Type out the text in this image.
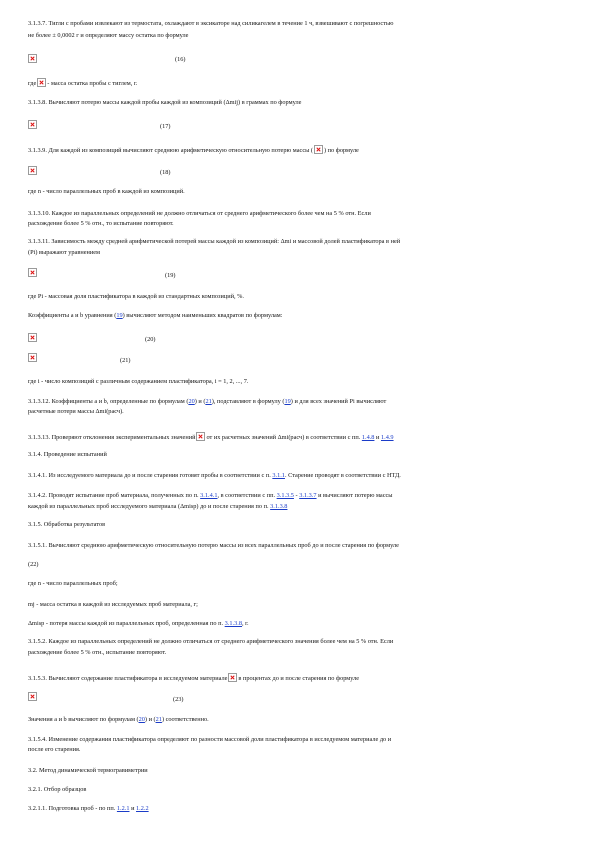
3.1.3.7. Тигли с пробами извлекают из термостата, охлаждают в эксикаторе над силикагелем в течение 1 ч, взвешивают с погрешностью
не более ± 0,0002 г и определяют массу остатка по формуле
(16)
где - масса остатка пробы с тиглем, г.
3.1.3.8. Вычисляют потерю массы каждой пробы каждой из композиций (Δmij) в граммах по формуле
(17)
3.1.3.9. Для каждой из композиций вычисляют среднюю арифметическую относительную потерю массы ( ) по формуле
(18)
где n - число параллельных проб в каждой из композиций.
3.1.3.10. Каждое из параллельных определений не должно отличаться от среднего арифметического более чем на 5 % отн. Если
расхождение более 5 % отн., то испытание повторяют.
3.1.3.11. Зависимость между средней арифметической потерей массы каждой из композиций: Δmi и массовой долей пластификатора в ней
(Pi) выражают уравнением
(19)
где Pi - массовая доля пластификатора в каждой из стандартных композиций, %.
Коэффициенты a и b уравнения (19) вычисляют методом наименьших квадратов по формулам:
(20)
(21)
где i - число композиций с различным содержанием пластификатора, i = 1, 2, ..., 7.
3.1.3.12. Коэффициенты a и b, определенные по формулам (20) и (21), подставляют в формулу (19) и для всех значений Pi вычисляют
расчетные потери массы Δmi(расч).
3.1.3.13. Проверяют отклонения экспериментальных значений от их расчетных значений Δmi(расч) в соответствии с пп. 1.4.8 и 1.4.9
3.1.4. Проведение испытаний
3.1.4.1. Из исследуемого материала до и после старения готовят пробы в соответствии с п. 3.1.1. Старение проводят в соответствии с НТД.
3.1.4.2. Проводят испытание проб материала, полученных по п. 3.1.4.1, в соответствии с пп. 3.1.3.5 - 3.1.3.7 и вычисляют потерю массы
каждой из параллельных проб исследуемого материала (Δmisp) до и после старения по п. 3.1.3.8
3.1.5. Обработка результатов
3.1.5.1. Вычисляют среднюю арифметическую относительную потерю массы из всех параллельных проб до и после старения по формуле
(22)
где n - число параллельных проб;
mj - масса остатка в каждой из исследуемых проб материала, г;
Δmisp - потеря массы каждой из параллельных проб, определенная по п. 3.1.3.8, г.
3.1.5.2. Каждое из параллельных определений не должно отличаться от среднего арифметического значения более чем на 5 % отн. Если
расхождение более 5 % отн., испытание повторяют.
3.1.5.3. Вычисляют содержание пластификатора в исследуемом материале в процентах до и после старения по формуле
(23)
Значения a и b вычисляют по формулам (20) и (21) соответственно.
3.1.5.4. Изменение содержания пластификатора определяют по разности массовой доли пластификатора в исследуемом материале до и
после его старения.
3.2. Метод динамической термогравиметрии
3.2.1. Отбор образцов
3.2.1.1. Подготовка проб - по пп. 1.2.1 и 1.2.2
